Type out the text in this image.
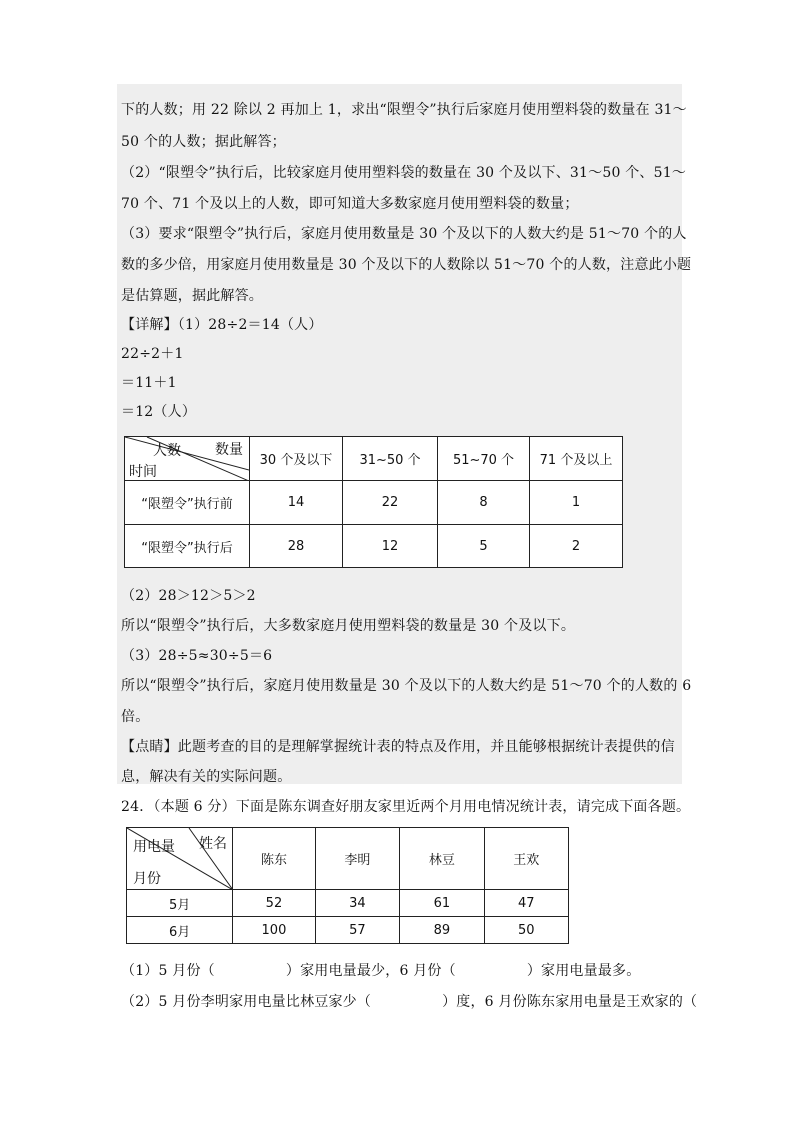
下的人数；用 22 除以 2 再加上 1，求出“限塑令”执行后家庭月使用塑料袋的数量在 31～
50 个的人数；据此解答；
（2）“限塑令”执行后，比较家庭月使用塑料袋的数量在 30 个及以下、31～50 个、51～
70 个、71 个及以上的人数，即可知道大多数家庭月使用塑料袋的数量；
（3）要求“限塑令”执行后，家庭月使用数量是 30 个及以下的人数大约是 51～70 个的人
数的多少倍，用家庭月使用数量是 30 个及以下的人数除以 51～70 个的人数，注意此小题
是估算题，据此解答。
【详解】（1）28÷2＝14（人）
22÷2＋1
＝11＋1
＝12（人）
人数 数量
时间	30 个及以下	31~50 个	51~70 个	71 个及以上
“限塑令”执行前	14	22	8	1
“限塑令”执行后	28	12	5	2
（2）28＞12＞5＞2
所以“限塑令”执行后，大多数家庭月使用塑料袋的数量是 30 个及以下。
（3）28÷5≈30÷5＝6
所以“限塑令”执行后，家庭月使用数量是 30 个及以下的人数大约是 51～70 个的人数的 6
倍。
【点睛】此题考查的目的是理解掌握统计表的特点及作用，并且能够根据统计表提供的信
息，解决有关的实际问题。
24．（本题 6 分）下面是陈东调查好朋友家里近两个月用电情况统计表，请完成下面各题。
用电量 姓名
月份	陈东	李明	林豆	王欢
5月	52	34	61	47
6月	100	57	89	50
（1）5 月份（　　　　　）家用电量最少，6 月份（　　　　　）家用电量最多。
（2）5 月份李明家用电量比林豆家少（　　　　　）度，6 月份陈东家用电量是王欢家的（
